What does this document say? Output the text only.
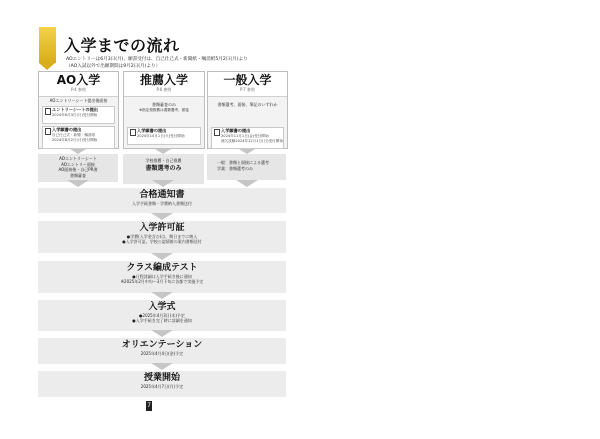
入学までの流れ
AOエントリーは6月3日(月)、願書受付は、自己仕己式・新聞紙・嘱消紙5月2日(月)より
（AO入試以外で出願期間は9月2日(月)より）
AO入学
P.4 参照
AOエントリーシート提出後面接
エントリーシートの提出
2024年6月3日(月)受付開始
入学願書の提出
自己仕己式・新聞・嘱消紙
2024年8月2日(月)受付開始
推薦入学
P.6 参照
書類審査のみ
※指定校推薦は書類選考、面接
入学願書の提出
2024年10月1日(火)受付開始
一般入学
P.7 参照
書類選考、面接、筆記のいずれか
入学願書の提出
2024年11月1日(金)受付開始
補欠試験2024年12月1日(日)受付開始
AOエントリーシート
AOエントリー面接
AO面接後・自己PR書
書類審査
学校推薦・自己推薦
書類選考のみ
一般：書類と面接による選考
学業：書類選考のみ
合格通知書
入学手続書類・学費納入書類送付
入学許可証
●学費(入学金含む)は、期日までに納入
●入学許可証、学校公認情報の案内書類送付
クラス編成テスト
●日程詳細は入学手続き後に通知
※2025年2月中旬～3月下旬に各都で実施予定
入学式
●2025年4月3日(木)予定
●入学手続き完了時に詳細を通知
オリエンテーション
2025年4月4日(金)予定
授業開始
2025年4月7日(月)予定
7
